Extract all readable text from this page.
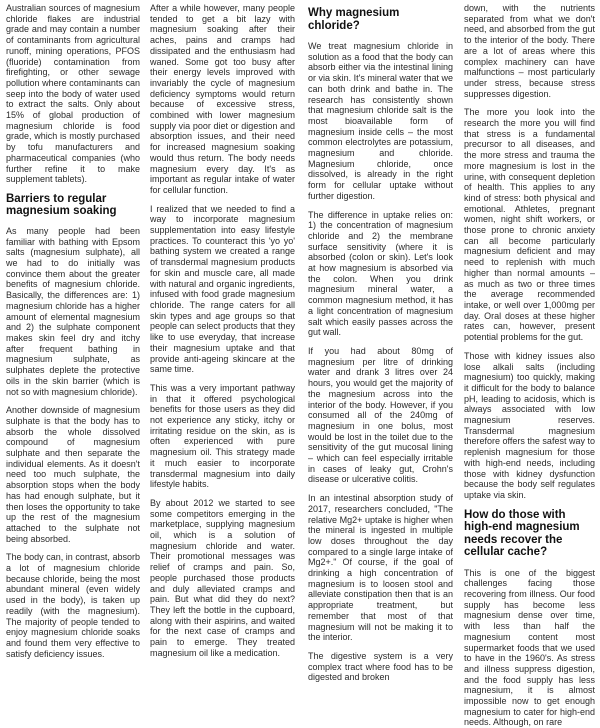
Australian sources of magnesium chloride flakes are industrial grade and may contain a number of contaminants from agricultural runoff, mining operations, PFOS (fluoride) contamination from firefighting, or other sewage pollution where contaminants can seep into the body of water used to extract the salts. Only about 15% of global production of magnesium chloride is food grade, which is mostly purchased by tofu manufacturers and pharmaceutical companies (who further refine it to make supplement tablets).

Barriers to regular magnesium soaking

As many people had been familiar with bathing with Epsom salts (magnesium sulphate), all we had to do initially was convince them about the greater benefits of magnesium chloride. Basically, the differences are: 1) magnesium chloride has a higher amount of elemental magnesium and 2) the sulphate component makes skin feel dry and itchy after frequent bathing in magnesium sulphate, as sulphates deplete the protective oils in the skin barrier (which is not so with magnesium chloride).

Another downside of magnesium sulphate is that the body has to absorb the whole dissolved compound of magnesium sulphate and then separate the individual elements. As it doesn't need too much sulphate, the absorption stops when the body has had enough sulphate, but it then loses the opportunity to take up the rest of the magnesium attached to the sulphate not being absorbed.

The body can, in contrast, absorb a lot of magnesium chloride because chloride, being the most abundant mineral (even widely used in the body), is taken up readily (with the magnesium). The majority of people tended to enjoy magnesium chloride soaks and found them very effective to satisfy deficiency issues.

After a while however, many people tended to get a bit lazy with magnesium soaking after their aches, pains and cramps had dissipated and the enthusiasm had waned. Some got too busy after their energy levels improved with invariably the cycle of magnesium deficiency symptoms would return because of excessive stress, combined with lower magnesium supply via poor diet or digestion and absorption issues, and their need for increased magnesium soaking would thus return. The body needs magnesium every day. It's as important as regular intake of water for cellular function.

I realized that we needed to find a way to incorporate magnesium supplementation into easy lifestyle practices. To counteract this 'yo yo' bathing system we created a range of transdermal magnesium products for skin and muscle care, all made with natural and organic ingredients, infused with food grade magnesium chloride. The range caters for all skin types and age groups so that people can select products that they like to use everyday, that increase their magnesium uptake and that provide anti-ageing skincare at the same time.

This was a very important pathway in that it offered psychological benefits for those users as they did not experience any sticky, itchy or irritating residue on the skin, as is often experienced with pure magnesium oil. This strategy made it much easier to incorporate transdermal magnesium into daily lifestyle habits.

By about 2012 we started to see some competitors emerging in the marketplace, supplying magnesium oil, which is a solution of magnesium chloride and water. Their promotional messages was relief of cramps and pain. So, people purchased those products and duly alleviated cramps and pain. But what did they do next? They left the bottle in the cupboard, along with their aspirins, and waited for the next case of cramps and pain to emerge. They treated magnesium oil like a medication.

Why magnesium chloride?

We treat magnesium chloride in solution as a food that the body can absorb either via the intestinal lining or via skin. It's mineral water that we can both drink and bathe in. The research has consistently shown that magnesium chloride salt is the most bioavailable form of magnesium inside cells – the most common electrolytes are potassium, magnesium and chloride. Magnesium chloride, once dissolved, is already in the right form for cellular uptake without further digestion.

The difference in uptake relies on: 1) the concentration of magnesium chloride and 2) the membrane surface sensitivity (where it is absorbed (colon or skin). Let's look at how magnesium is absorbed via the colon. When you drink magnesium mineral water, a common magnesium method, it has a light concentration of magnesium salt which easily passes across the gut wall.

If you had about 80mg of magnesium per litre of drinking water and drank 3 litres over 24 hours, you would get the majority of the magnesium across into the interior of the body. However, if you consumed all of the 240mg of magnesium in one bolus, most would be lost in the toilet due to the sensitivity of the gut mucosal lining – which can feel especially irritable in cases of leaky gut, Crohn's disease or ulcerative colitis.

In an intestinal absorption study of 2017, researchers concluded, "The relative Mg2+ uptake is higher when the mineral is ingested in multiple low doses throughout the day compared to a single large intake of Mg2+." Of course, if the goal of drinking a high concentration of magnesium is to loosen stool and alleviate constipation then that is an appropriate treatment, but remember that most of that magnesium will not be making it to the interior.

The digestive system is a very complex tract where food has to be digested and broken

down, with the nutrients separated from what we don't need, and absorbed from the gut to the interior of the body. There are a lot of areas where this complex machinery can have malfunctions – most particularly under stress, because stress suppresses digestion.

The more you look into the research the more you will find that stress is a fundamental precursor to all diseases, and the more stress and trauma the more magnesium is lost in the urine, with consequent depletion of health. This applies to any kind of stress: both physical and emotional. Athletes, pregnant women, night shift workers, or those prone to chronic anxiety can all become particularly magnesium deficient and may need to replenish with much higher than normal amounts – as much as two or three times the average recommended intake, or well over 1,000mg per day. Oral doses at these higher rates can, however, present potential problems for the gut.

Those with kidney issues also lose alkali salts (including magnesium) too quickly, making it difficult for the body to balance pH, leading to acidosis, which is always associated with low magnesium reserves. Transdermal magnesium therefore offers the safest way to replenish magnesium for those with high-end needs, including those with kidney dysfunction because the body self regulates uptake via skin.

How do those with high-end magnesium needs recover the cellular cache?

This is one of the biggest challenges facing those recovering from illness. Our food supply has become less magnesium dense over time, with less than half the magnesium content most supermarket foods that we used to have in the 1960's. As stress and illness suppress digestion, and the food supply has less magnesium, it is almost impossible now to get enough magnesium to cater for high-end needs. Although, on rare
